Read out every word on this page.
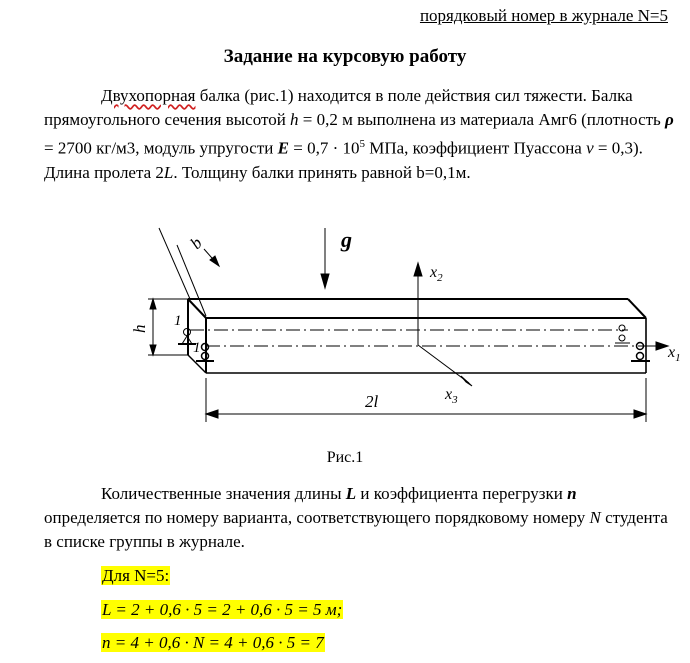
порядковый номер в журнале N=5
Задание на курсовую работу
Двухопорная балка (рис.1) находится в поле действия сил тяжести. Балка прямоугольного сечения высотой h = 0,2 м выполнена из материала Амг6 (плотность ρ = 2700 кг/м3, модуль упругости $E = 0,7 \cdot 10^5$ МПа, коэффициент Пуассона ν = 0,3). Длина пролета 2L. Толщину балки принять равной b=0,1м.
b	g
h
$x_2$
$x_1$
$x_3$
1
1
2l
Рис.1
Количественные значения длины L и коэффициента перегрузки n определяется по номеру варианта, соответствующего порядковому номеру N студента в списке группы в журнале.
Для N=5:
L = 2 + 0,6 · 5 = 2 + 0,6 · 5 = 5 м;
n = 4 + 0,6 · N = 4 + 0,6 · 5 = 7
